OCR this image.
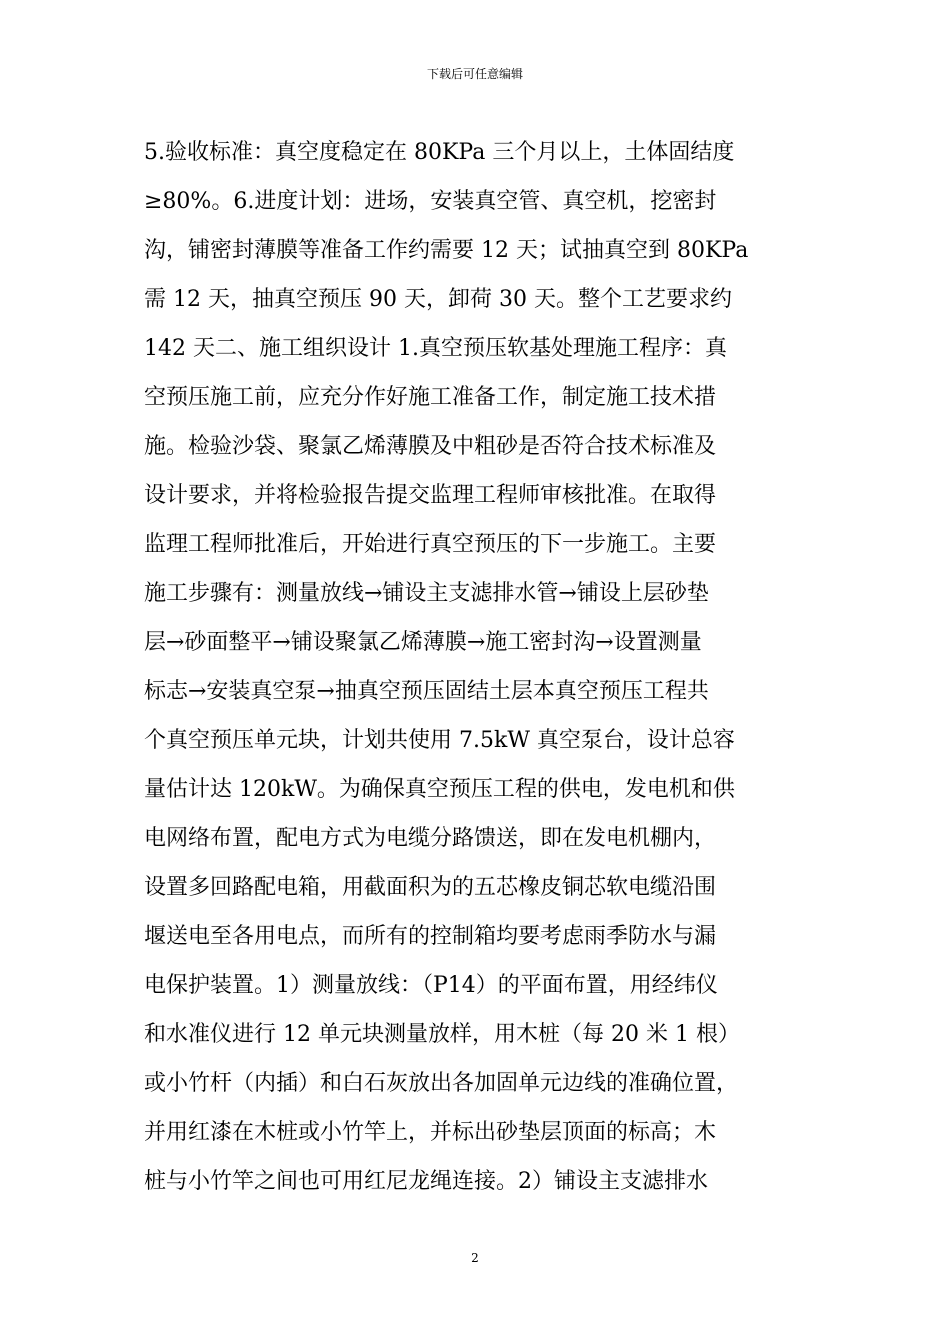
下载后可任意编辑
5.验收标准：真空度稳定在 80KPa 三个月以上，土体固结度
≥80%。6.进度计划：进场，安装真空管、真空机，挖密封
沟，铺密封薄膜等准备工作约需要 12 天；试抽真空到 80KPa
需 12 天，抽真空预压 90 天，卸荷 30 天。整个工艺要求约
142 天二、施工组织设计 1.真空预压软基处理施工程序：真
空预压施工前，应充分作好施工准备工作，制定施工技术措
施。检验沙袋、聚氯乙烯薄膜及中粗砂是否符合技术标准及
设计要求，并将检验报告提交监理工程师审核批准。在取得
监理工程师批准后，开始进行真空预压的下一步施工。主要
施工步骤有：测量放线→铺设主支滤排水管→铺设上层砂垫
层→砂面整平→铺设聚氯乙烯薄膜→施工密封沟→设置测量
标志→安装真空泵→抽真空预压固结土层本真空预压工程共
个真空预压单元块，计划共使用 7.5kW 真空泵台，设计总容
量估计达 120kW。为确保真空预压工程的供电，发电机和供
电网络布置，配电方式为电缆分路馈送，即在发电机棚内，
设置多回路配电箱，用截面积为的五芯橡皮铜芯软电缆沿围
堰送电至各用电点，而所有的控制箱均要考虑雨季防水与漏
电保护装置。1）测量放线：（P14）的平面布置，用经纬仪
和水准仪进行 12 单元块测量放样，用木桩（每 20 米 1 根）
或小竹杆（内插）和白石灰放出各加固单元边线的准确位置，
并用红漆在木桩或小竹竿上，并标出砂垫层顶面的标高；木
桩与小竹竿之间也可用红尼龙绳连接。2）铺设主支滤排水
2
